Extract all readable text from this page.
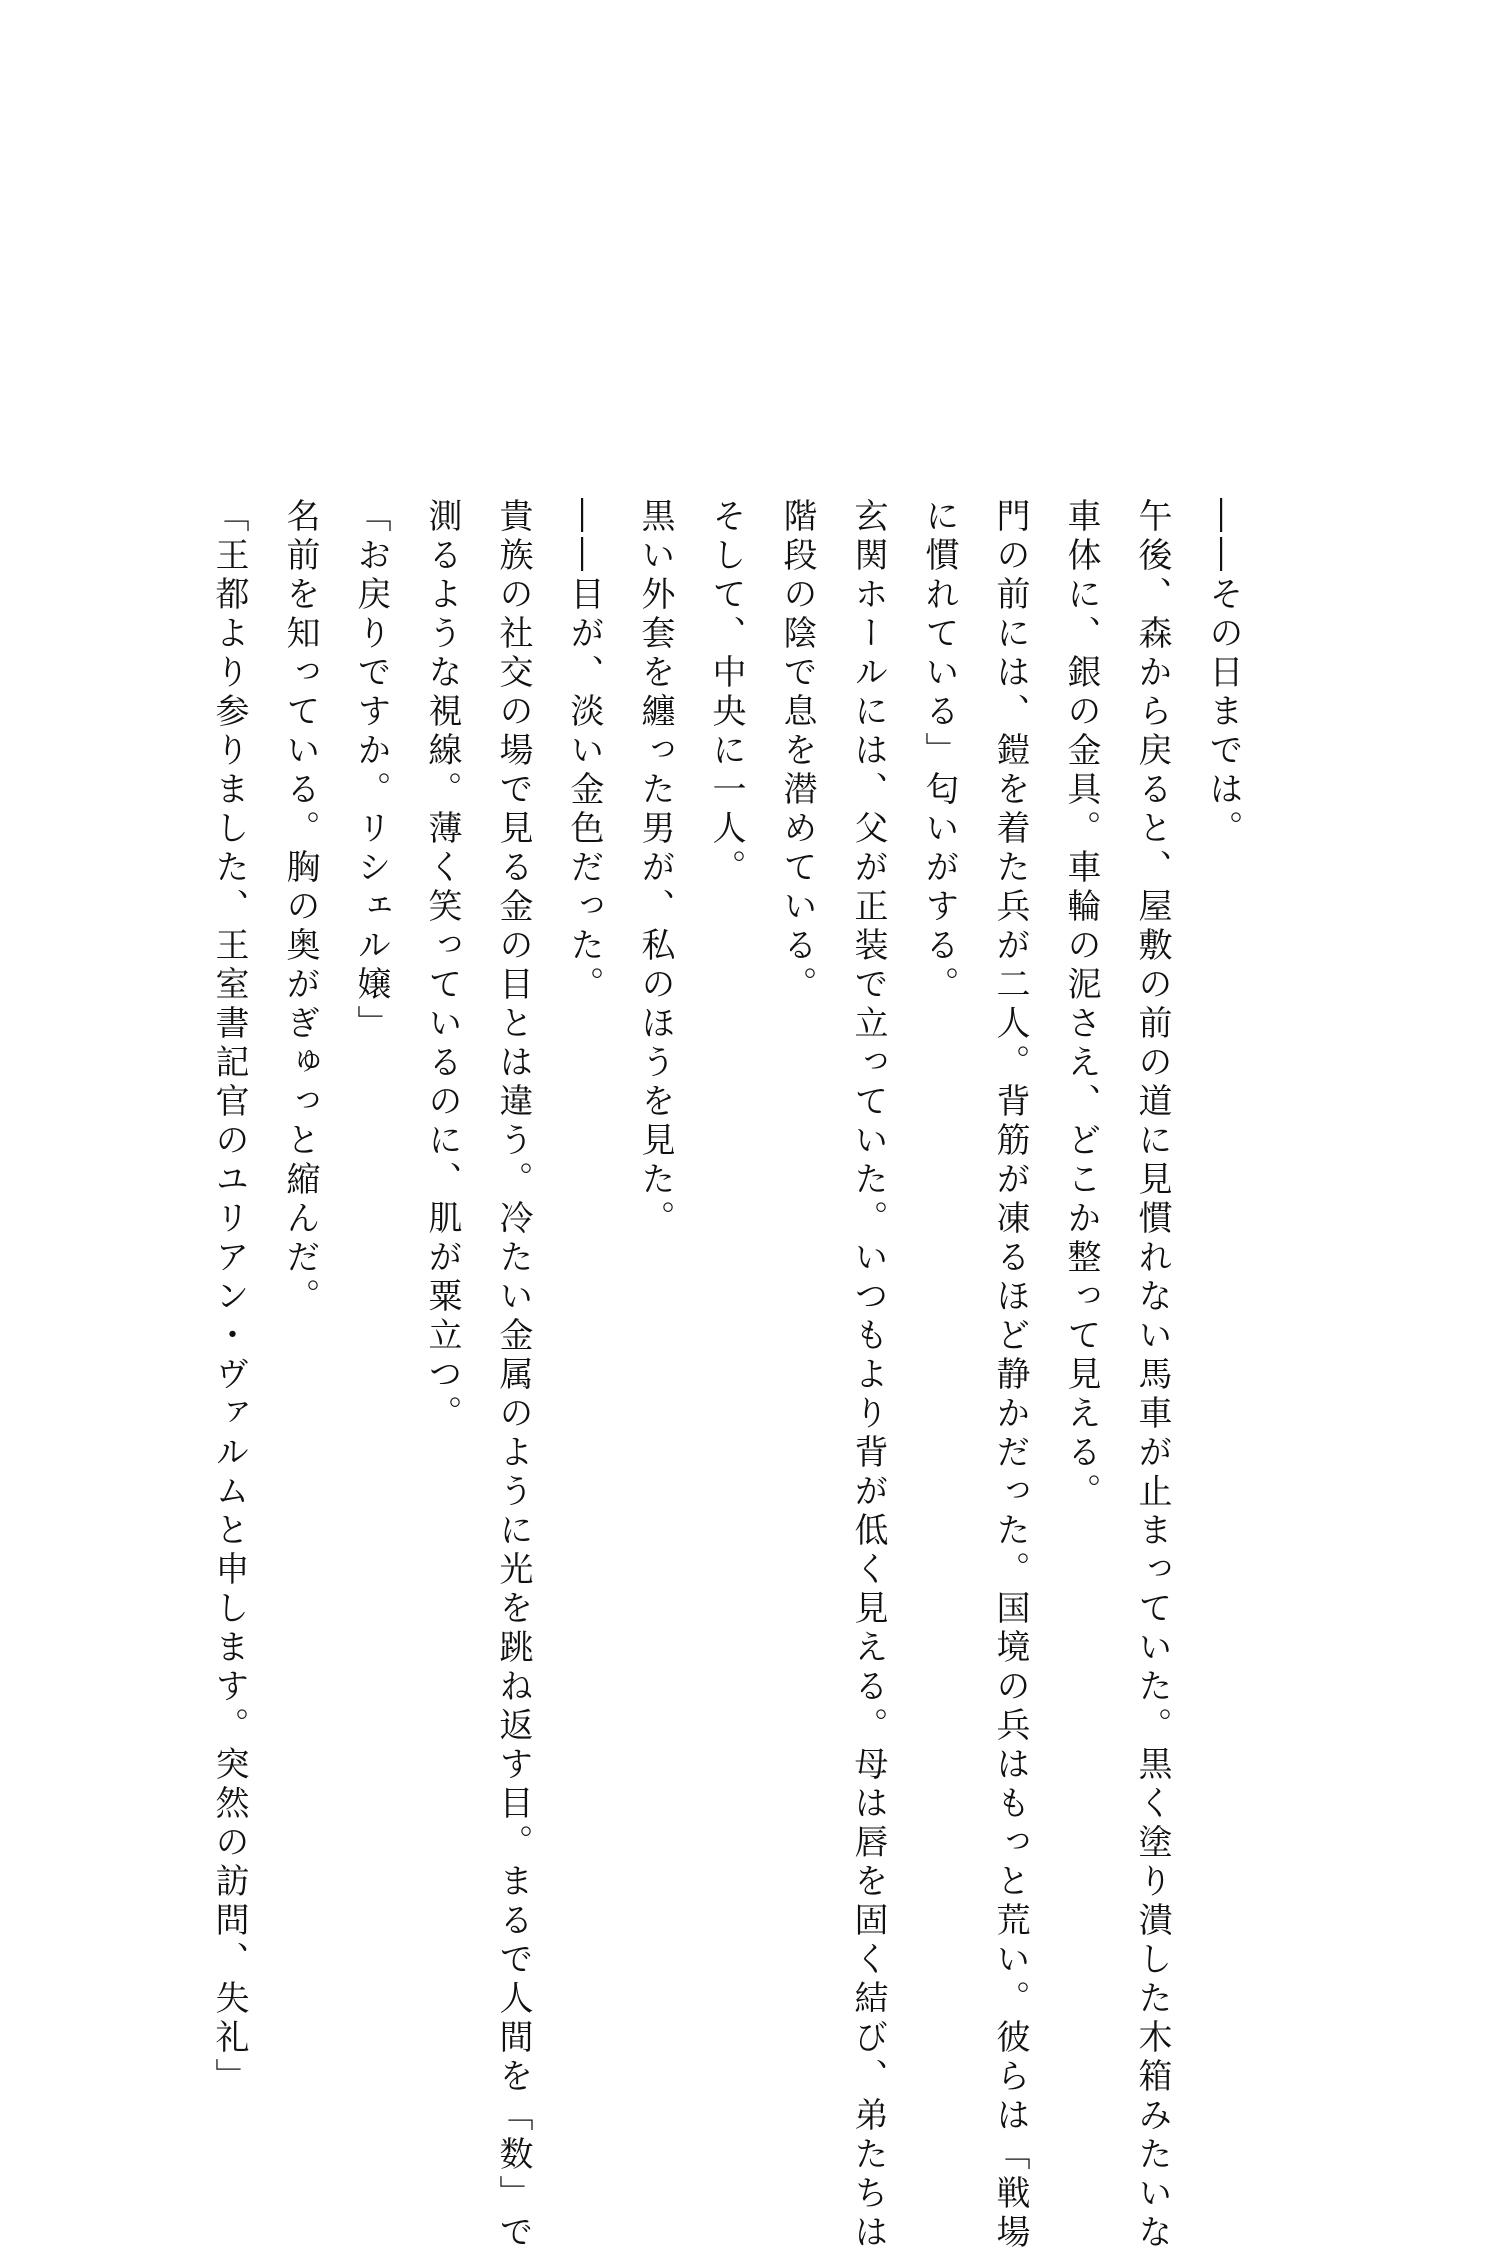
――その日までは。
午後、森から戻ると、屋敷の前の道に見慣れない馬車が止まっていた。黒く塗り潰した木箱みたいな
車体に、銀の金具。車輪の泥さえ、どこか整って見える。
門の前には、鎧を着た兵が二人。背筋が凍るほど静かだった。国境の兵はもっと荒い。彼らは「戦場
に慣れている」匂いがする。
玄関ホールには、父が正装で立っていた。いつもより背が低く見える。母は唇を固く結び、弟たちは
階段の陰で息を潜めている。
そして、中央に一人。
黒い外套を纏った男が、私のほうを見た。
――目が、淡い金色だった。
貴族の社交の場で見る金の目とは違う。冷たい金属のように光を跳ね返す目。まるで人間を「数」で
測るような視線。薄く笑っているのに、肌が粟立つ。
「お戻りですか。リシェル嬢」
名前を知っている。胸の奥がぎゅっと縮んだ。
「王都より参りました、王室書記官のユリアン・ヴァルムと申します。突然の訪問、失礼」
